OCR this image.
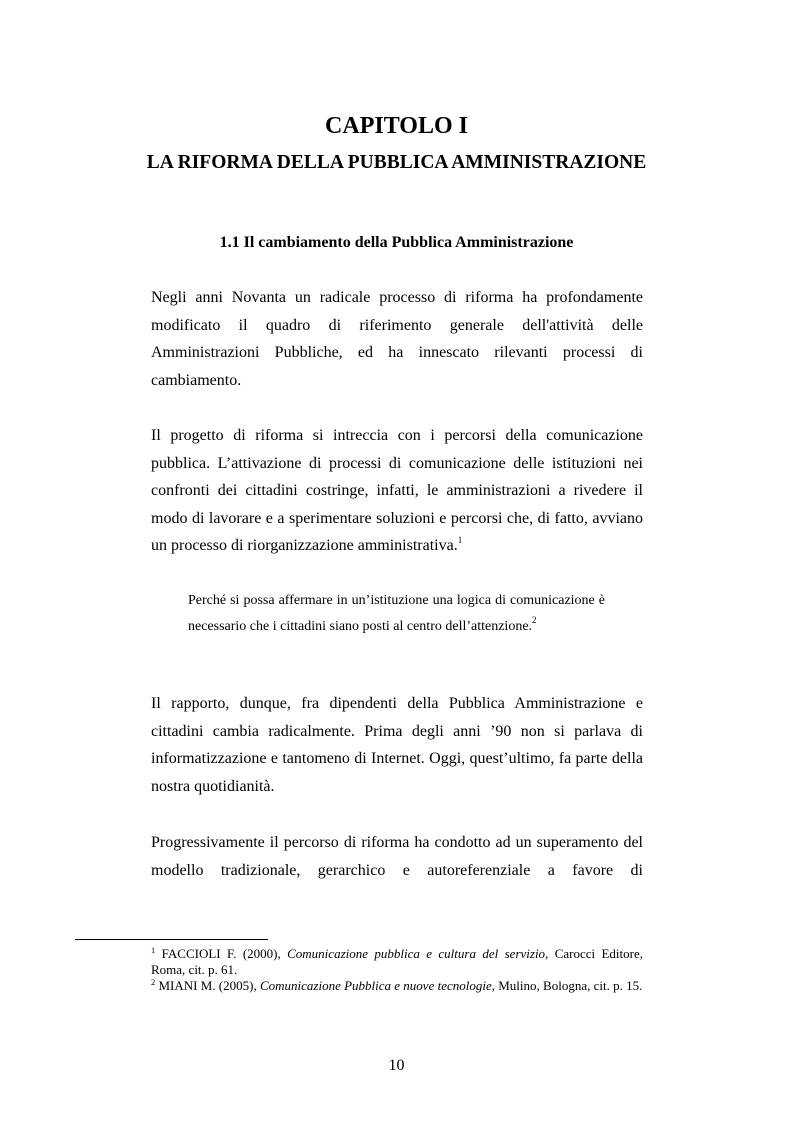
CAPITOLO I
LA RIFORMA DELLA PUBBLICA AMMINISTRAZIONE
1.1 Il cambiamento della Pubblica Amministrazione

Negli anni Novanta un radicale processo di riforma ha profondamente modificato il quadro di riferimento generale dell'attività delle Amministrazioni Pubbliche, ed ha innescato rilevanti processi di cambiamento.

Il progetto di riforma si intreccia con i percorsi della comunicazione pubblica. L’attivazione di processi di comunicazione delle istituzioni nei confronti dei cittadini costringe, infatti, le amministrazioni a rivedere il modo di lavorare e a sperimentare soluzioni e percorsi che, di fatto, avviano un processo di riorganizzazione amministrativa.$^1$

Perché si possa affermare in un’istituzione una logica di comunicazione è necessario che i cittadini siano posti al centro dell’attenzione.$^2$

Il rapporto, dunque, fra dipendenti della Pubblica Amministrazione e cittadini cambia radicalmente. Prima degli anni ’90 non si parlava di informatizzazione e tantomeno di Internet. Oggi, quest’ultimo, fa parte della nostra quotidianità.

Progressivamente il percorso di riforma ha condotto ad un superamento del modello tradizionale, gerarchico e autoreferenziale a favore di

$^1$ FACCIOLI F. (2000), Comunicazione pubblica e cultura del servizio, Carocci Editore, Roma, cit. p. 61.

$^2$ MIANI M. (2005), Comunicazione Pubblica e nuove tecnologie, Mulino, Bologna, cit. p. 15.

10
